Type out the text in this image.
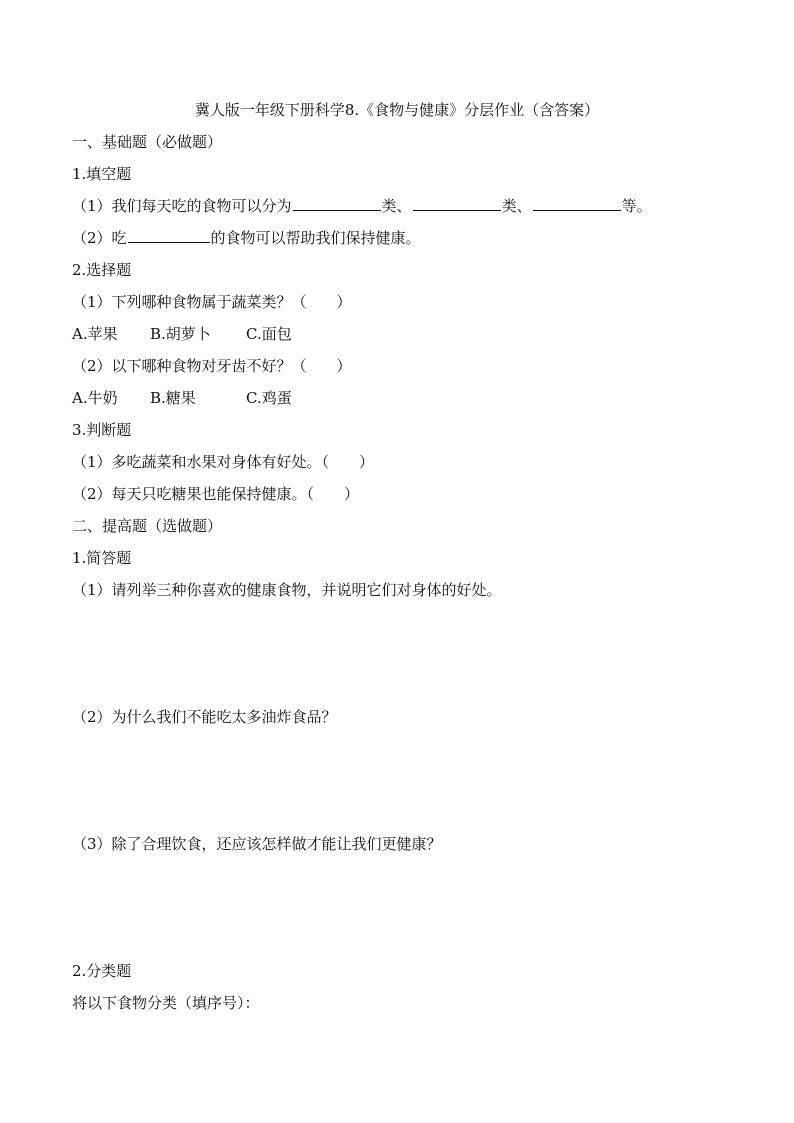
冀人版一年级下册科学8.《食物与健康》分层作业（含答案）
一、基础题（必做题）
1.填空题
（1）我们每天吃的食物可以分为	类、	类、	等。
（2）吃	的食物可以帮助我们保持健康。
2.选择题
（1）下列哪种食物属于蔬菜类？（　　）
A.苹果 B.胡萝卜 C.面包
（2）以下哪种食物对牙齿不好？（　　）
A.牛奶 B.糖果	C.鸡蛋
3.判断题
（1）多吃蔬菜和水果对身体有好处。（　　）
（2）每天只吃糖果也能保持健康。（　　）
二、提高题（选做题）
1.简答题
（1）请列举三种你喜欢的健康食物，并说明它们对身体的好处。
（2）为什么我们不能吃太多油炸食品？
（3）除了合理饮食，还应该怎样做才能让我们更健康？
2.分类题
将以下食物分类（填序号）：
